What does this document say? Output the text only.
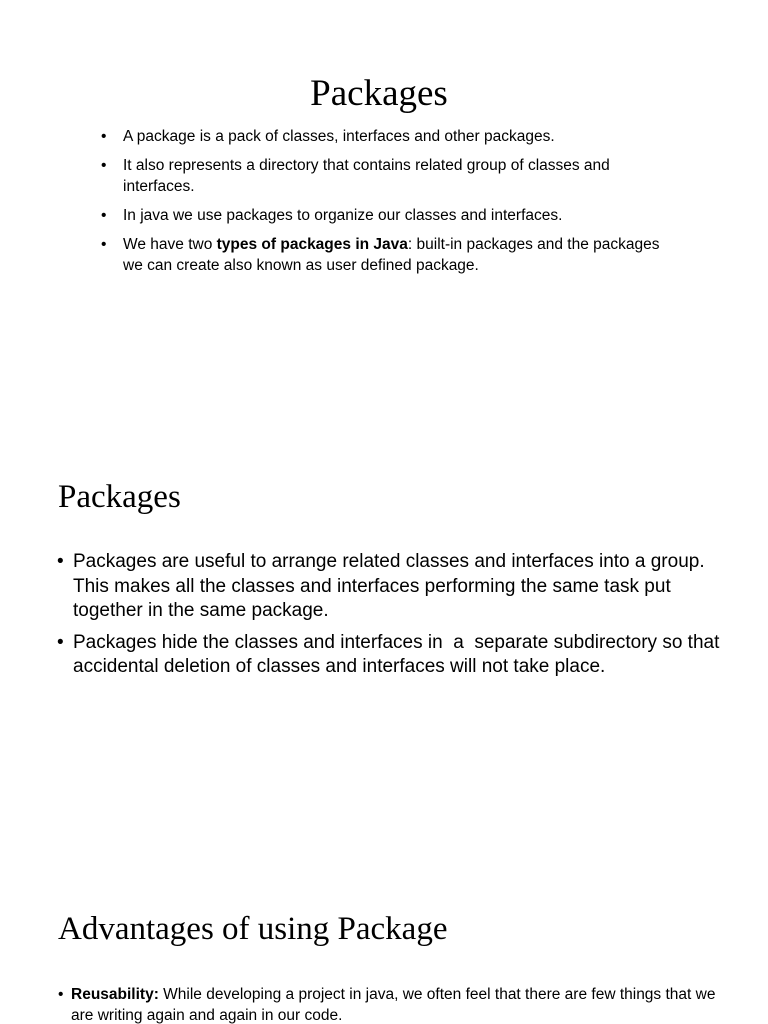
Packages
• A package is a pack of classes, interfaces and other packages.
• It also represents a directory that contains related group of classes and interfaces.
• In java we use packages to organize our classes and interfaces.
• We have two types of packages in Java: built-in packages and the packages we can create also known as user defined package.
Packages
• Packages are useful to arrange related classes and interfaces into a group. This makes all the classes and interfaces performing the same task put together in the same package.
• Packages hide the classes and interfaces in  a  separate subdirectory so that accidental deletion of classes and interfaces will not take place.
Advantages of using Package
• Reusability: While developing a project in java, we often feel that there are few things that we are writing again and again in our code.
